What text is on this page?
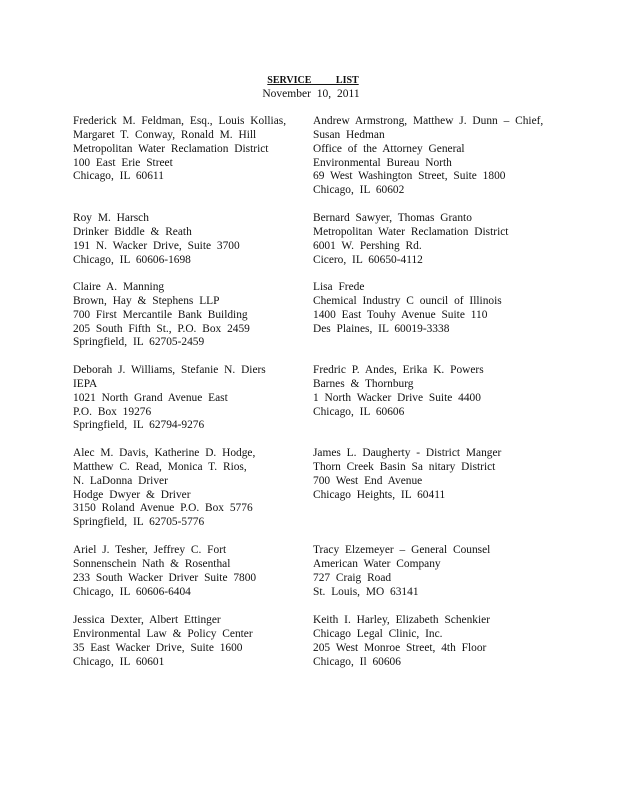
SERVICE LIST
November 10, 2011
Frederick M. Feldman, Esq., Louis Kollias,
Margaret T. Conway, Ronald M. Hill
Metropolitan Water Reclamation District
100 East Erie Street
Chicago, IL 60611
Andrew Armstrong, Matthew J. Dunn – Chief,
Susan Hedman
Office of the Attorney General
Environmental Bureau North
69 West Washington Street, Suite 1800
Chicago, IL 60602
Roy M. Harsch
Drinker Biddle & Reath
191 N. Wacker Drive, Suite 3700
Chicago, IL 60606-1698
Bernard Sawyer, Thomas Granto
Metropolitan Water Reclamation District
6001 W. Pershing Rd.
Cicero, IL 60650-4112
Claire A. Manning
Brown, Hay & Stephens LLP
700 First Mercantile Bank Building
205 South Fifth St., P.O. Box 2459
Springfield, IL 62705-2459
Lisa Frede
Chemical Industry C ouncil of Illinois
1400 East Touhy Avenue Suite 110
Des Plaines, IL 60019-3338
Deborah J. Williams, Stefanie N. Diers
IEPA
1021 North Grand Avenue East
P.O. Box 19276
Springfield, IL 62794-9276
Fredric P. Andes, Erika K. Powers
Barnes & Thornburg
1 North Wacker Drive Suite 4400
Chicago, IL 60606
Alec M. Davis, Katherine D. Hodge,
Matthew C. Read, Monica T. Rios,
N. LaDonna Driver
Hodge Dwyer & Driver
3150 Roland Avenue P.O. Box 5776
Springfield, IL 62705-5776
James L. Daugherty - District Manger
Thorn Creek Basin Sa nitary District
700 West End Avenue
Chicago Heights, IL 60411
Ariel J. Tesher, Jeffrey C. Fort
Sonnenschein Nath & Rosenthal
233 South Wacker Driver Suite 7800
Chicago, IL 60606-6404
Tracy Elzemeyer – General Counsel
American Water Company
727 Craig Road
St. Louis, MO 63141
Jessica Dexter, Albert Ettinger
Environmental Law & Policy Center
35 East Wacker Drive, Suite 1600
Chicago, IL 60601
Keith I. Harley, Elizabeth Schenkier
Chicago Legal Clinic, Inc.
205 West Monroe Street, 4th Floor
Chicago, Il 60606
